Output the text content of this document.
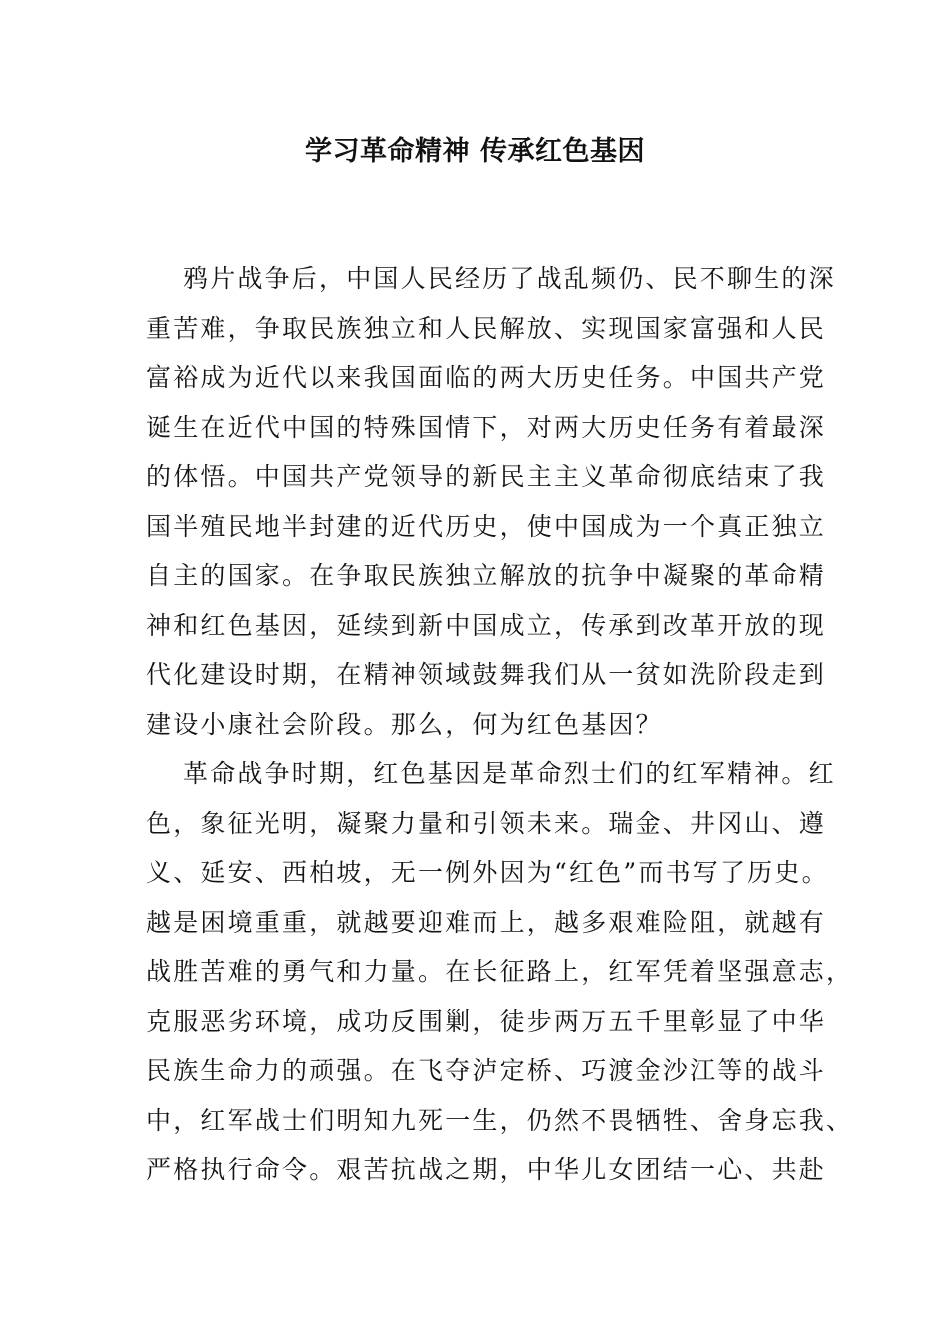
学习革命精神 传承红色基因
鸦片战争后，中国人民经历了战乱频仍、民不聊生的深
重苦难，争取民族独立和人民解放、实现国家富强和人民
富裕成为近代以来我国面临的两大历史任务。中国共产党
诞生在近代中国的特殊国情下，对两大历史任务有着最深
的体悟。中国共产党领导的新民主主义革命彻底结束了我
国半殖民地半封建的近代历史，使中国成为一个真正独立
自主的国家。在争取民族独立解放的抗争中凝聚的革命精
神和红色基因，延续到新中国成立，传承到改革开放的现
代化建设时期，在精神领域鼓舞我们从一贫如洗阶段走到
建设小康社会阶段。那么，何为红色基因？
革命战争时期，红色基因是革命烈士们的红军精神。红
色，象征光明，凝聚力量和引领未来。瑞金、井冈山、遵
义、延安、西柏坡，无一例外因为“红色”而书写了历史。
越是困境重重，就越要迎难而上，越多艰难险阻，就越有
战胜苦难的勇气和力量。在长征路上，红军凭着坚强意志，
克服恶劣环境，成功反围剿，徒步两万五千里彰显了中华
民族生命力的顽强。在飞夺泸定桥、巧渡金沙江等的战斗
中，红军战士们明知九死一生，仍然不畏牺牲、舍身忘我、
严格执行命令。艰苦抗战之期，中华儿女团结一心、共赴
